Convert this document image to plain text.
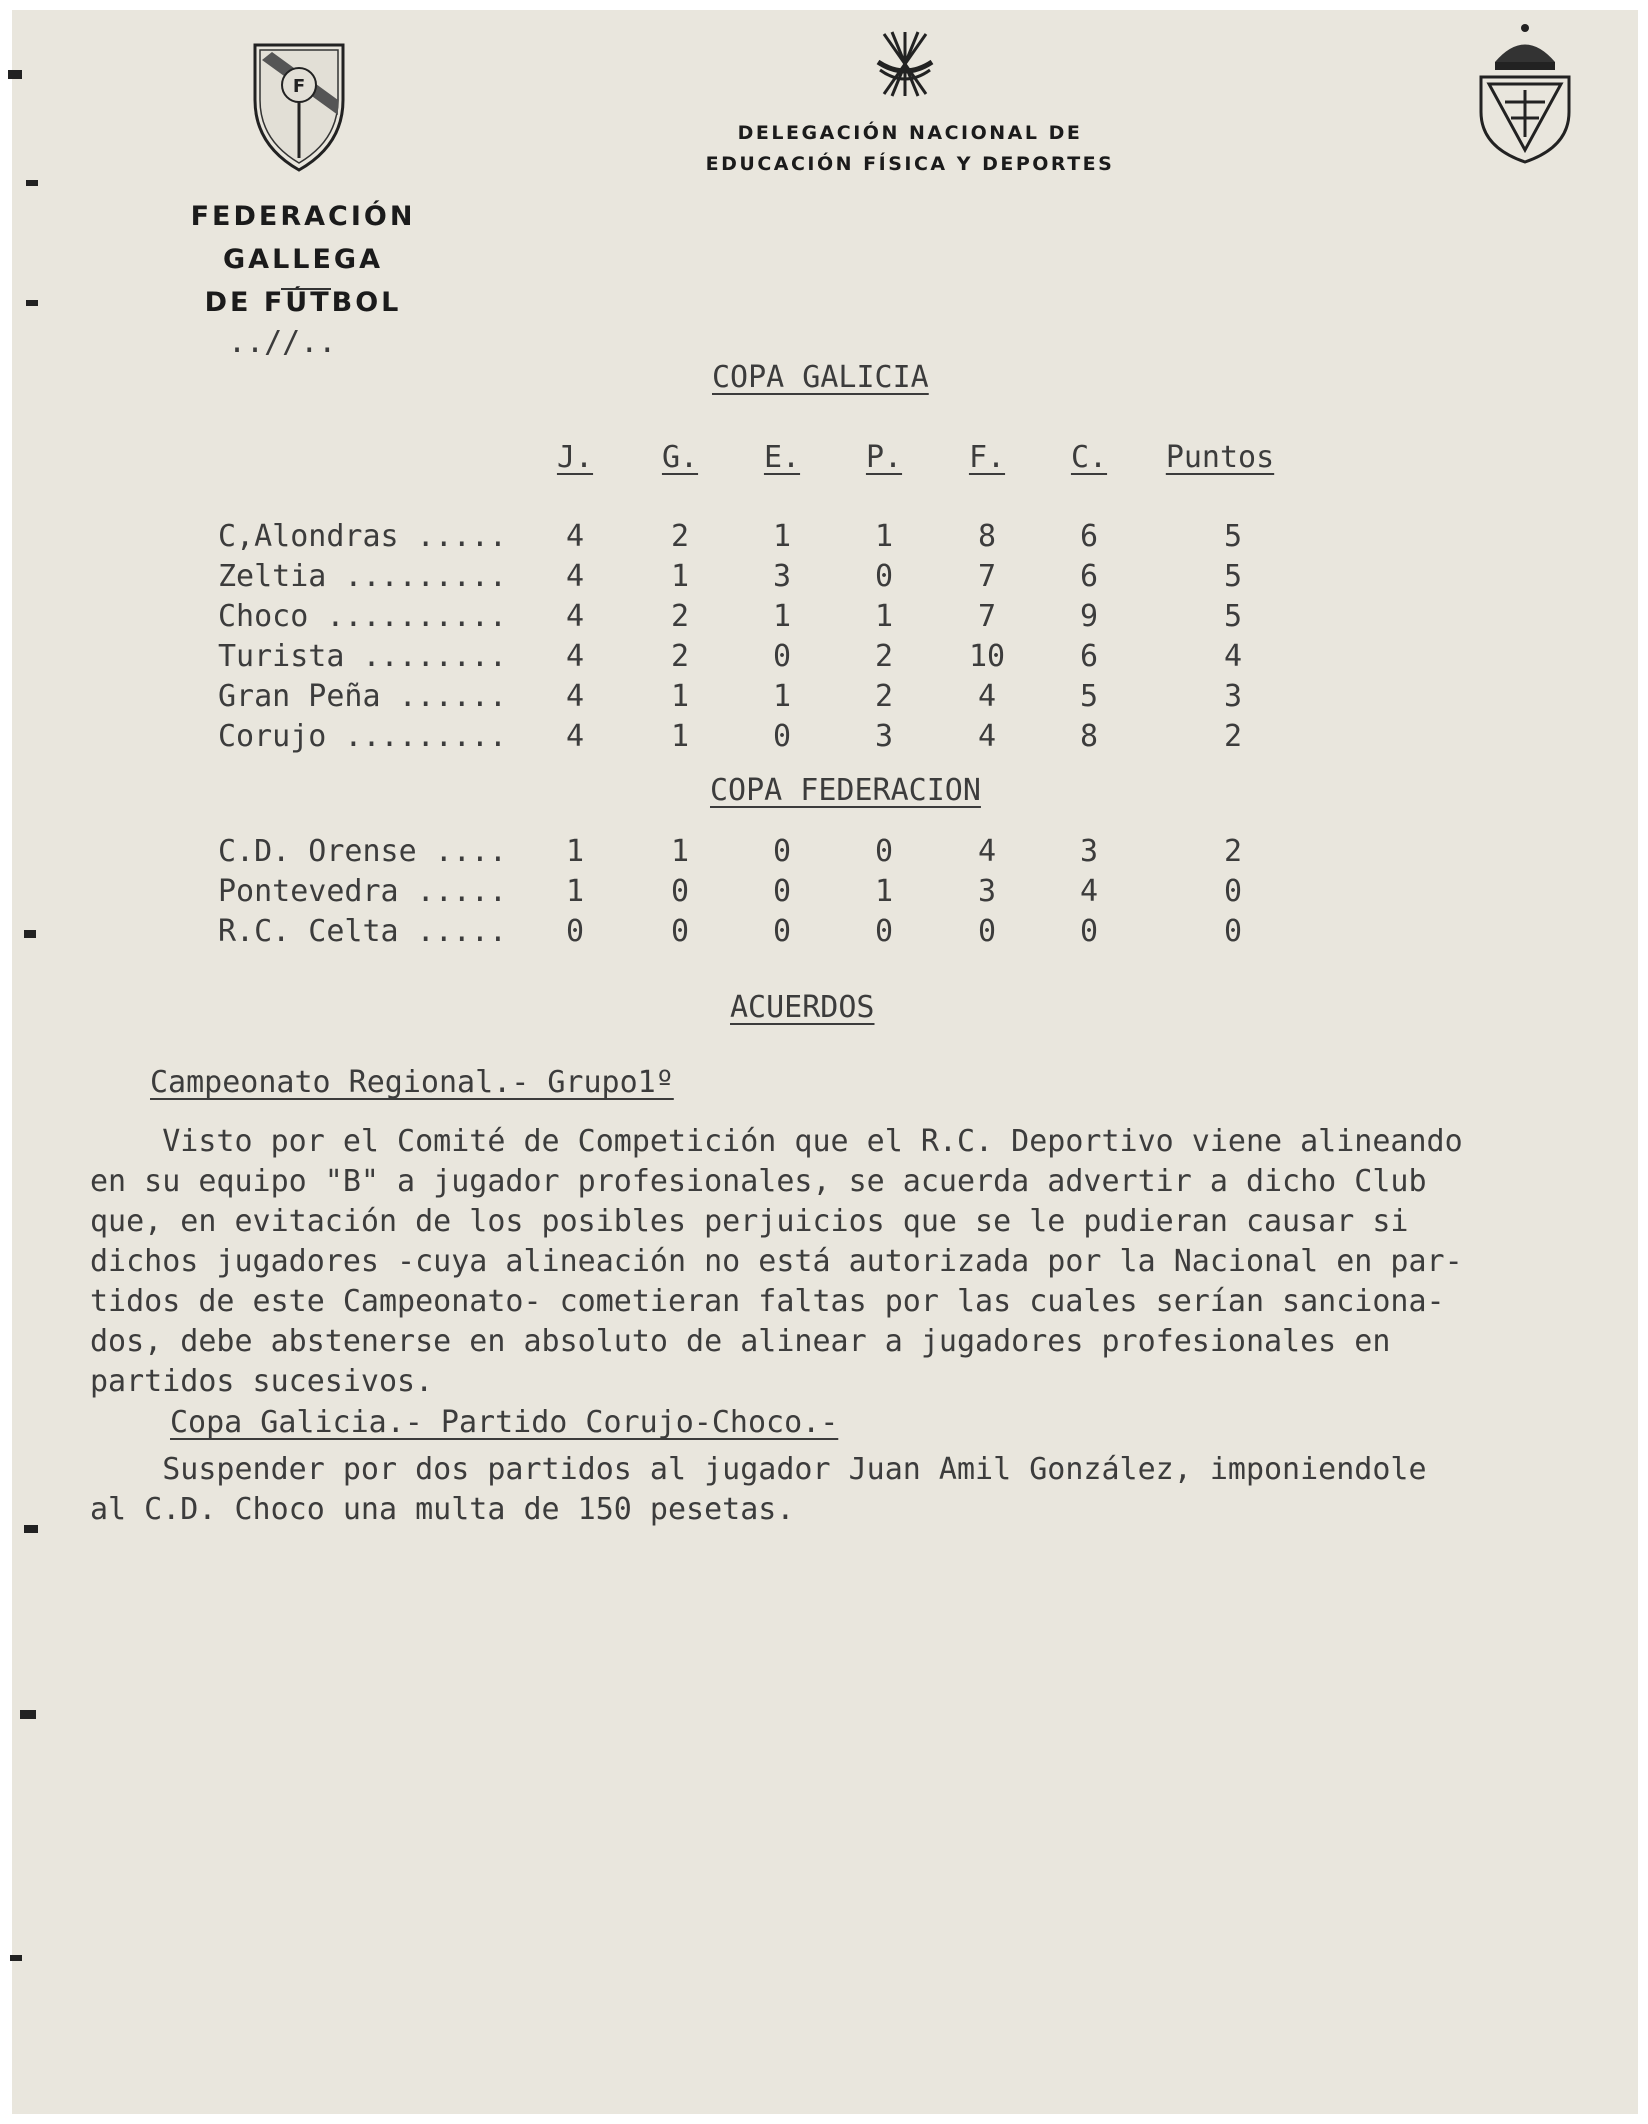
F
FEDERACIÓN GALLEGA
DE FÚTBOL
DELEGACIÓN NACIONAL DE
EDUCACIÓN FÍSICA Y DEPORTES
..//..
COPA GALICIA
J. G. E. P.	F.	C.	Puntos
C,Alondras .....	4	2	1	1	8	6	5
Zeltia .........	4	1	3	0	7	6	5
Choco ..........	4	2	1	1	7	9	5
Turista ........	4	2	0	2	10	6	4
Gran Peña ......	4	1	1	2	4	5	3
Corujo .........	4	1	0	3	4	8	2
COPA FEDERACION
C.D. Orense ....	1	1	0	0	4	3	2
Pontevedra .....	1	0	0	1	3	4	0
R.C. Celta .....	0	0	0	0	0	0	0
ACUERDOS
Campeonato Regional.- Grupo1º
Visto por el Comité de Competición que el R.C. Deportivo viene alineando
en su equipo "B" a jugador profesionales, se acuerda advertir a dicho Club
que, en evitación de los posibles perjuicios que se le pudieran causar si
dichos jugadores -cuya alineación no está autorizada por la Nacional en par-
tidos de este Campeonato- cometieran faltas por las cuales serían sanciona-
dos, debe abstenerse en absoluto de alinear a jugadores profesionales en
partidos sucesivos.
Copa Galicia.- Partido Corujo-Choco.-
Suspender por dos partidos al jugador Juan Amil González, imponiendole
al C.D. Choco una multa de 150 pesetas.
